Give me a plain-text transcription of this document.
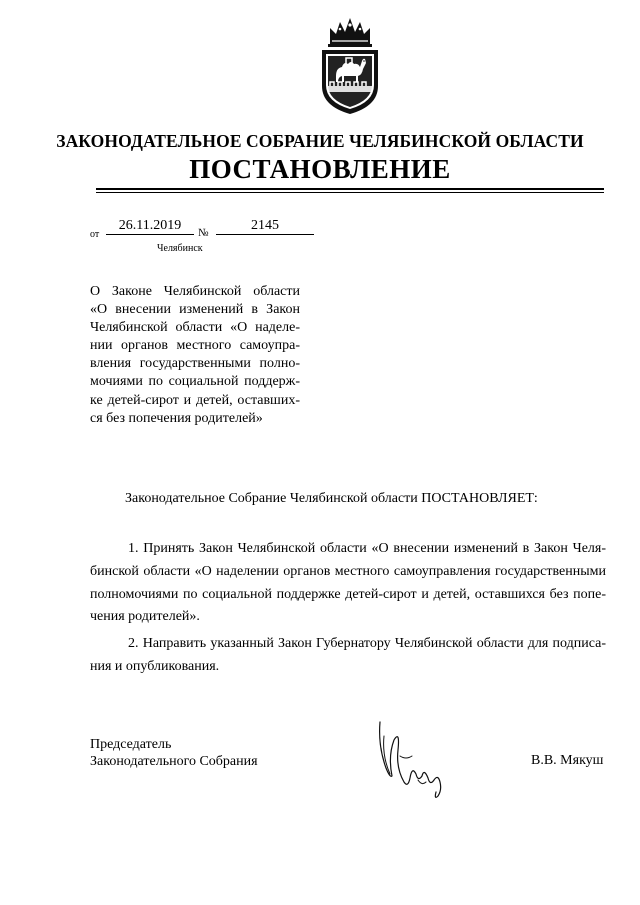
ЗАКОНОДАТЕЛЬНОЕ СОБРАНИЕ ЧЕЛЯБИНСКОЙ ОБЛАСТИ
ПОСТАНОВЛЕНИЕ
от
26.11.2019	№	2145
Челябинск
О Законе Челябинской области
«О внесении изменений в Закон
Челябинской области «О наделе-
нии органов местного самоупра-
вления государственными полно-
мочиями по социальной поддерж-
ке детей-сирот и детей, оставших-
ся без попечения родителей»
Законодательное Собрание Челябинской области ПОСТАНОВЛЯЕТ:
1. Принять Закон Челябинской области «О внесении изменений в Закон Челя-
бинской области «О наделении органов местного самоуправления государственными
полномочиями по социальной поддержке детей-сирот и детей, оставшихся без попе-
чения родителей».
2. Направить указанный Закон Губернатору Челябинской области для подписа-
ния и опубликования.
Председатель
Законодательного Собрания	В.В. Мякуш
